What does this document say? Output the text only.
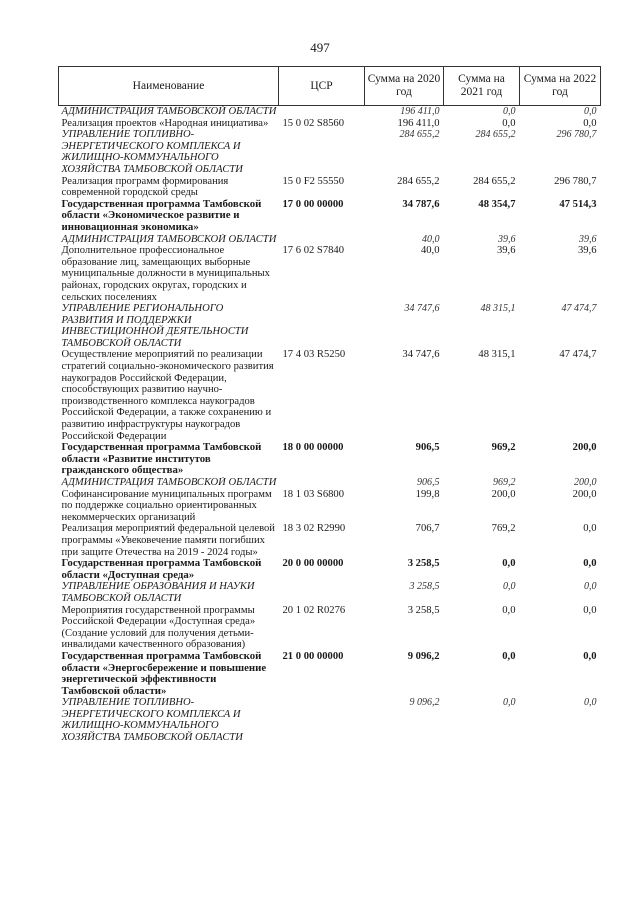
497
Наименование	ЦСР	Сумма на 2020 год	Сумма на 2021 год	Сумма на 2022 год
АДМИНИСТРАЦИЯ ТАМБОВСКОЙ ОБЛАСТИ		196 411,0	0,0	0,0
Реализация проектов «Народная инициатива»	15 0 02 S8560	196 411,0	0,0	0,0
УПРАВЛЕНИЕ ТОПЛИВНО-ЭНЕРГЕТИЧЕСКОГО КОМПЛЕКСА И ЖИЛИЩНО-КОММУНАЛЬНОГО ХОЗЯЙСТВА ТАМБОВСКОЙ ОБЛАСТИ		284 655,2	284 655,2	296 780,7
Реализация программ формирования современной городской среды	15 0 F2 55550	284 655,2	284 655,2	296 780,7
Государственная программа Тамбовской области «Экономическое развитие и инновационная экономика»	17 0 00 00000	34 787,6	48 354,7	47 514,3
АДМИНИСТРАЦИЯ ТАМБОВСКОЙ ОБЛАСТИ		40,0	39,6	39,6
Дополнительное профессиональное образование лиц, замещающих выборные муниципальные должности в муниципальных районах, городских округах, городских и сельских поселениях	17 6 02 S7840	40,0	39,6	39,6
УПРАВЛЕНИЕ РЕГИОНАЛЬНОГО РАЗВИТИЯ И ПОДДЕРЖКИ ИНВЕСТИЦИОННОЙ ДЕЯТЕЛЬНОСТИ ТАМБОВСКОЙ ОБЛАСТИ		34 747,6	48 315,1	47 474,7
Осуществление мероприятий по реализации стратегий социально-экономического развития наукоградов Российской Федерации, способствующих развитию научно-производственного комплекса наукоградов Российской Федерации, а также сохранению и развитию инфраструктуры наукоградов Российской Федерации	17 4 03 R5250	34 747,6	48 315,1	47 474,7
Государственная программа Тамбовской области «Развитие институтов гражданского общества»	18 0 00 00000	906,5	969,2	200,0
АДМИНИСТРАЦИЯ ТАМБОВСКОЙ ОБЛАСТИ		906,5	969,2	200,0
Софинансирование муниципальных программ по поддержке социально ориентированных некоммерческих организаций	18 1 03 S6800	199,8	200,0	200,0
Реализация мероприятий федеральной целевой программы «Увековечение памяти погибших при защите Отечества на 2019 - 2024 годы»	18 3 02 R2990	706,7	769,2	0,0
Государственная программа Тамбовской области «Доступная среда»	20 0 00 00000	3 258,5	0,0	0,0
УПРАВЛЕНИЕ ОБРАЗОВАНИЯ И НАУКИ ТАМБОВСКОЙ ОБЛАСТИ		3 258,5	0,0	0,0
Мероприятия государственной программы Российской Федерации «Доступная среда» (Создание условий для получения детьми-инвалидами качественного образования)	20 1 02 R0276	3 258,5	0,0	0,0
Государственная программа Тамбовской области «Энергосбережение и повышение энергетической эффективности Тамбовской области»	21 0 00 00000	9 096,2	0,0	0,0
УПРАВЛЕНИЕ ТОПЛИВНО-ЭНЕРГЕТИЧЕСКОГО КОМПЛЕКСА И ЖИЛИЩНО-КОММУНАЛЬНОГО ХОЗЯЙСТВА ТАМБОВСКОЙ ОБЛАСТИ		9 096,2	0,0	0,0
